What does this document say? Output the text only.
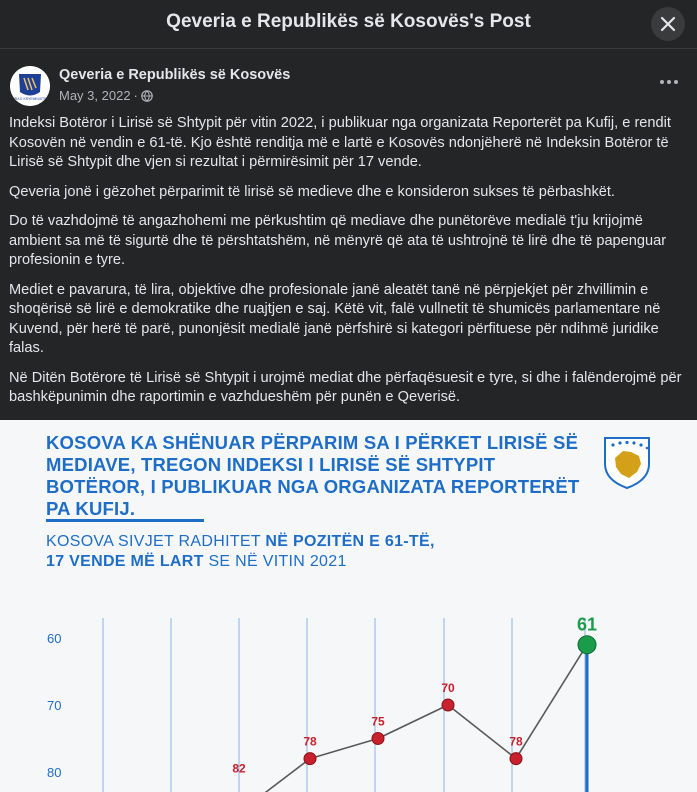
Qeveria e Republikës së Kosovës's Post
ZYRA E KRYEMINISTRIT
Qeveria e Republikës së Kosovës
May 3, 2022 ·

Indeksi Botëror i Lirisë së Shtypit për vitin 2022, i publikuar nga organizata Reporterët pa Kufij, e rendit Kosovën në vendin e 61-të. Kjo është renditja më e lartë e Kosovës ndonjëherë në Indeksin Botëror të Lirisë së Shtypit dhe vjen si rezultat i përmirësimit për 17 vende.

Qeveria jonë i gëzohet përparimit të lirisë së medieve dhe e konsideron sukses të përbashkët.

Do të vazhdojmë të angazhohemi me përkushtim që mediave dhe punëtorëve medialë t'ju krijojmë ambient sa më të sigurtë dhe të përshtatshëm, në mënyrë që ata të ushtrojnë të lirë dhe të papenguar profesionin e tyre.

Mediet e pavarura, të lira, objektive dhe profesionale janë aleatët tanë në përpjekjet për zhvillimin e shoqërisë së lirë e demokratike dhe ruajtjen e saj. Këtë vit, falë vullnetit të shumicës parlamentare në Kuvend, për herë të parë, punonjësit medialë janë përfshirë si kategori përfituese për ndihmë juridike falas.

Në Ditën Botërore të Lirisë së Shtypit i urojmë mediat dhe përfaqësuesit e tyre, si dhe i falënderojmë për bashkëpunimin dhe raportimin e vazhdueshëm për punën e Qeverisë.

KOSOVA KA SHËNUAR PËRPARIM SA I PËRKET LIRISË SË MEDIAVE, TREGON INDEKSI I LIRISË SË SHTYPIT BOTËROR, I PUBLIKUAR NGA ORGANIZATA REPORTERËT PA KUFIJ.
KOSOVA SIVJET RADHITET NË POZITËN E 61-TË,
17 VENDE MË LART SE NË VITIN 2021
60
70
80	82
78
75
70
78
61
